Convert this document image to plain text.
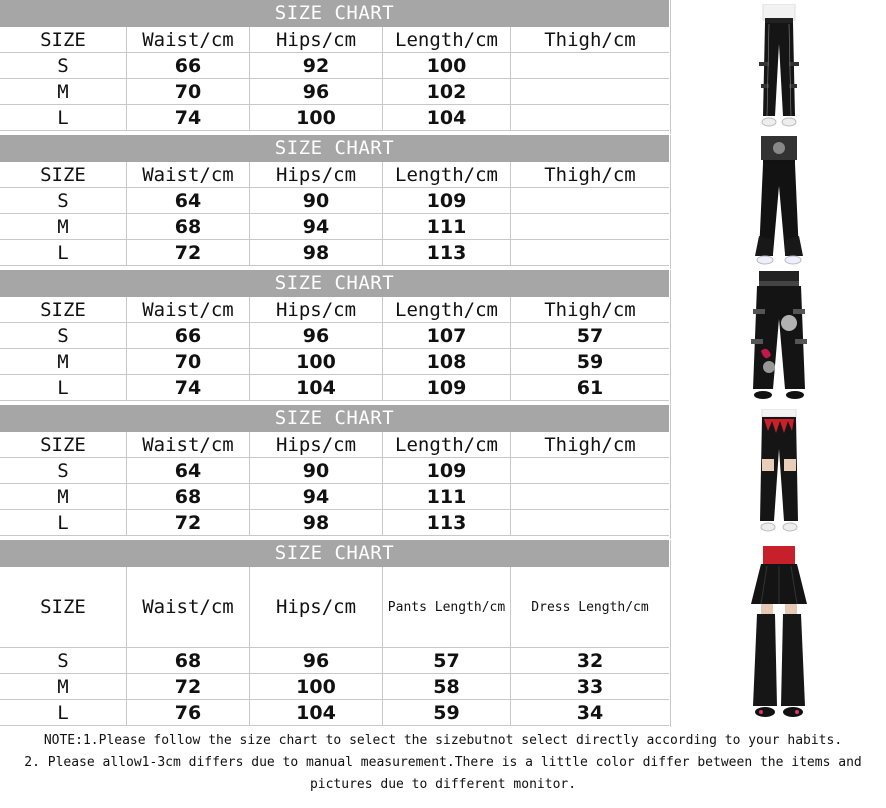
SIZE CHART
SIZE	Waist/cm	Hips/cm	Length/cm	Thigh/cm
S	66	92	100
M	70	96	102
L	74	100	104
SIZE CHART
SIZE	Waist/cm	Hips/cm	Length/cm	Thigh/cm
S	64	90	109
M	68	94	111
L	72	98	113
SIZE CHART
SIZE	Waist/cm	Hips/cm	Length/cm	Thigh/cm
S	66	96	107	57
M	70	100	108	59
L	74	104	109	61
SIZE CHART
SIZE	Waist/cm	Hips/cm	Length/cm	Thigh/cm
S	64	90	109
M	68	94	111
L	72	98	113
SIZE CHART
SIZE	Waist/cm	Hips/cm	Pants Length/cm	Dress Length/cm
S	68	96	57	32
M	72	100	58	33
L	76	104	59	34
NOTE:1.Please follow the size chart to select the sizebutnot select directly according to your habits.
2. Please allow1-3cm differs due to manual measurement.There is a little color differ between the items and
pictures due to different monitor.
